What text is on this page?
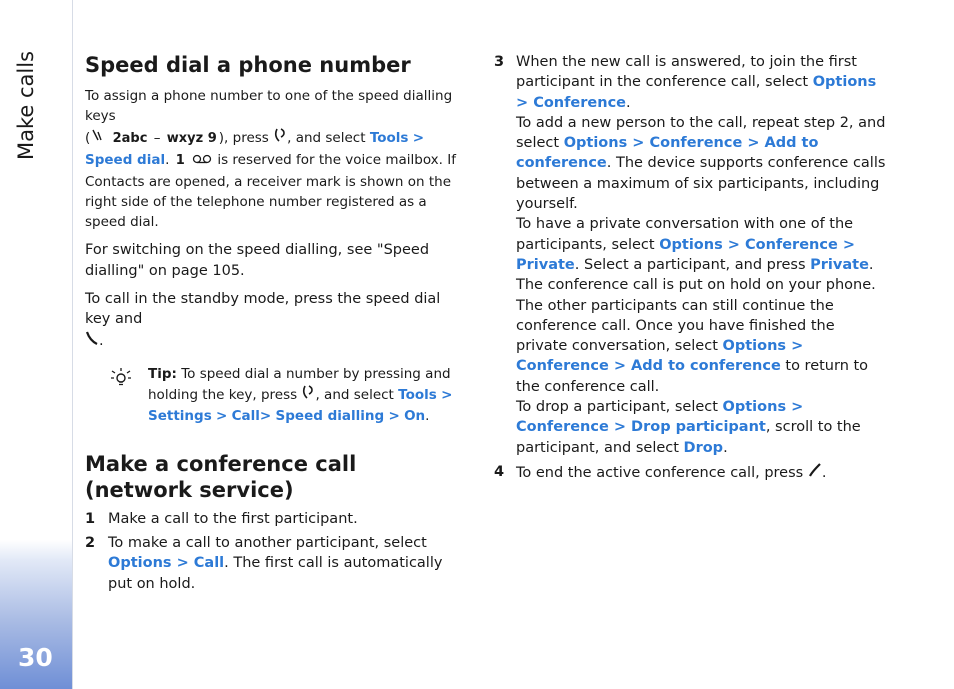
Make calls
30
Speed dial a phone number

To assign a phone number to one of the speed dialling keys
( 2abc – wxyz 9 ), press , and select Tools > Speed dial. 1 is reserved for the voice mailbox. If Contacts are opened, a receiver mark is shown on the right side of the telephone number registered as a speed dial.

For switching on the speed dialling, see "Speed dialling" on page 105.

To call in the standby mode, press the speed dial key and
.

Tip: To speed dial a number by pressing and holding the key, press , and select Tools > Settings > Call> Speed dialling > On.
Make a conference call (network service)
1 Make a call to the first participant.
2 To make a call to another participant, select Options > Call. The first call is automatically put on hold.
3 When the new call is answered, to join the first participant in the conference call, select Options > Conference.
To add a new person to the call, repeat step 2, and select Options > Conference > Add to conference. The device supports conference calls between a maximum of six participants, including yourself.
To have a private conversation with one of the participants, select Options > Conference > Private. Select a participant, and press Private. The conference call is put on hold on your phone. The other participants can still continue the conference call. Once you have finished the private conversation, select Options > Conference > Add to conference to return to the conference call.
To drop a participant, select Options > Conference > Drop participant, scroll to the participant, and select Drop.
4 To end the active conference call, press .
